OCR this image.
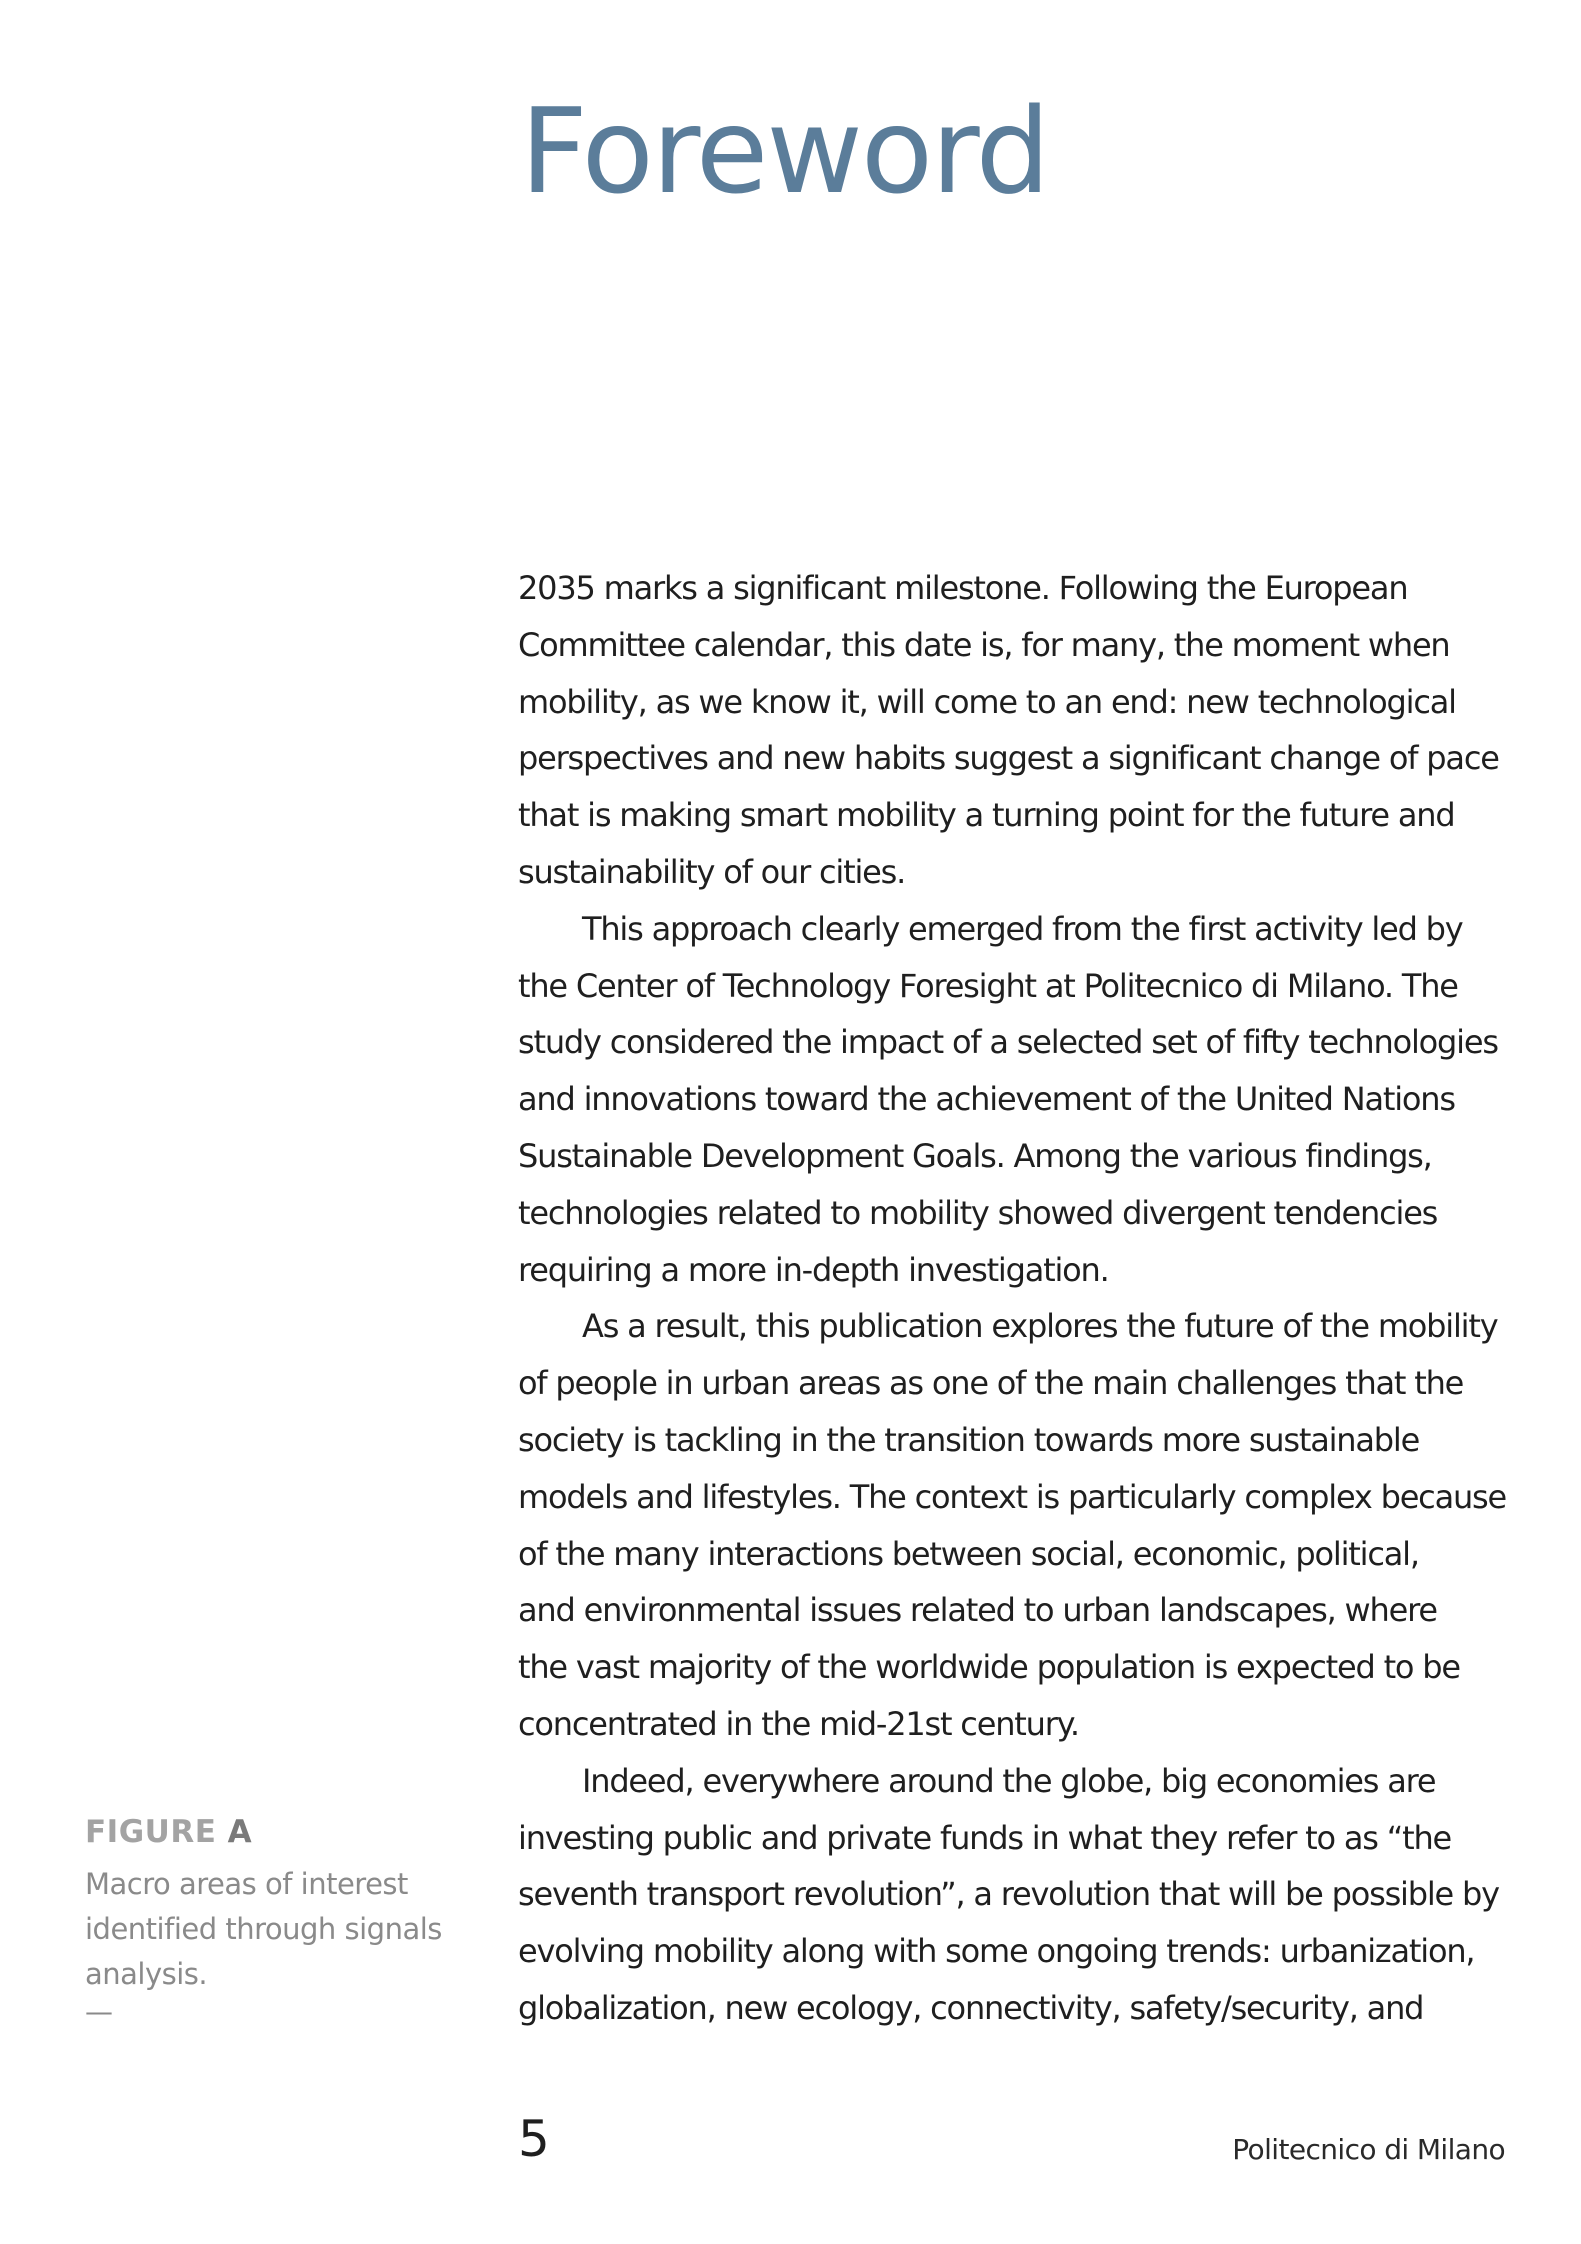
Foreword
2035 marks a significant milestone. Following the European
Committee calendar, this date is, for many, the moment when
mobility, as we know it, will come to an end: new technological
perspectives and new habits suggest a significant change of pace
that is making smart mobility a turning point for the future and
sustainability of our cities.
This approach clearly emerged from the first activity led by
the Center of Technology Foresight at Politecnico di Milano. The
study considered the impact of a selected set of fifty technologies
and innovations toward the achievement of the United Nations
Sustainable Development Goals. Among the various findings,
technologies related to mobility showed divergent tendencies
requiring a more in-depth investigation.
As a result, this publication explores the future of the mobility
of people in urban areas as one of the main challenges that the
society is tackling in the transition towards more sustainable
models and lifestyles. The context is particularly complex because
of the many interactions between social, economic, political,
and environmental issues related to urban landscapes, where
the vast majority of the worldwide population is expected to be
concentrated in the mid-21st century.
Indeed, everywhere around the globe, big economies are
investing public and private funds in what they refer to as “the
seventh transport revolution”, a revolution that will be possible by
evolving mobility along with some ongoing trends: urbanization,
globalization, new ecology, connectivity, safety/security, and
FIGURE A
Macro areas of interest
identified through signals
analysis.
—
5	Politecnico di Milano
